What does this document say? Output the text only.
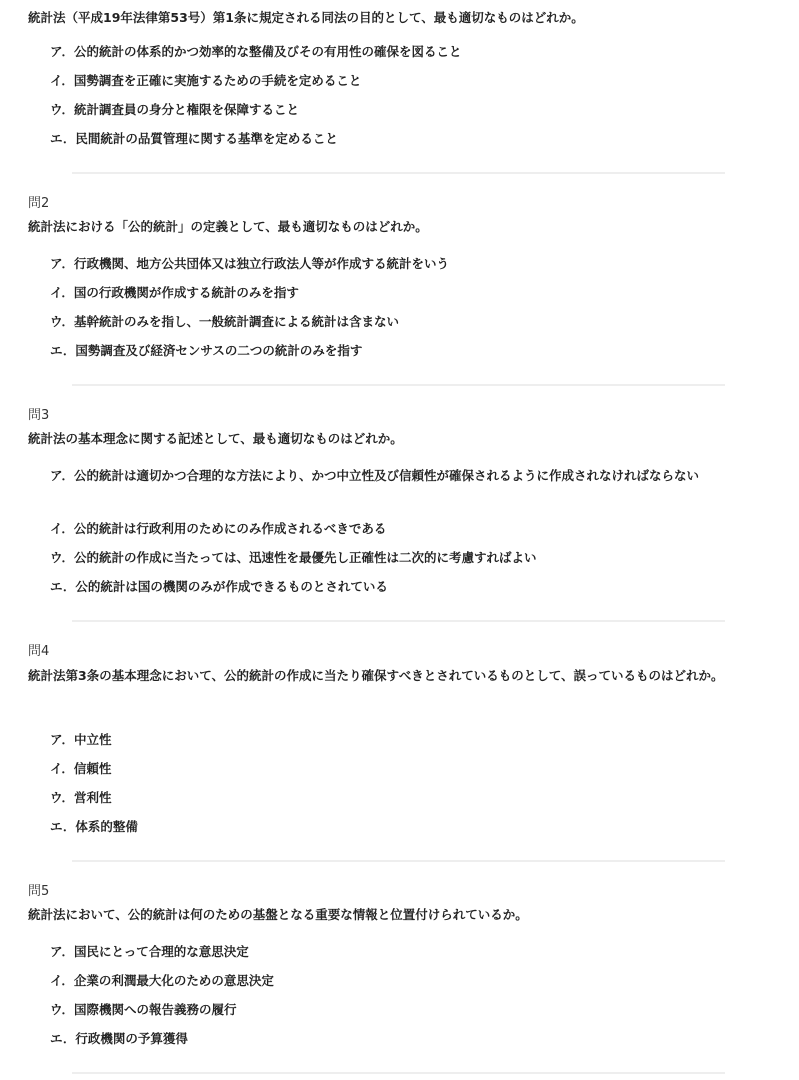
統計法（平成19年法律第53号）第1条に規定される同法の目的として、最も適切なものはどれか。
ア．公的統計の体系的かつ効率的な整備及びその有用性の確保を図ること
イ．国勢調査を正確に実施するための手続を定めること
ウ．統計調査員の身分と権限を保障すること
エ．民間統計の品質管理に関する基準を定めること
問2
統計法における「公的統計」の定義として、最も適切なものはどれか。
ア．行政機関、地方公共団体又は独立行政法人等が作成する統計をいう
イ．国の行政機関が作成する統計のみを指す
ウ．基幹統計のみを指し、一般統計調査による統計は含まない
エ．国勢調査及び経済センサスの二つの統計のみを指す
問3
統計法の基本理念に関する記述として、最も適切なものはどれか。
ア．公的統計は適切かつ合理的な方法により、かつ中立性及び信頼性が確保されるように作成されなければならない
イ．公的統計は行政利用のためにのみ作成されるべきである
ウ．公的統計の作成に当たっては、迅速性を最優先し正確性は二次的に考慮すればよい
エ．公的統計は国の機関のみが作成できるものとされている
問4
統計法第3条の基本理念において、公的統計の作成に当たり確保すべきとされているものとして、誤っているものはどれか。
ア．中立性
イ．信頼性
ウ．営利性
エ．体系的整備
問5
統計法において、公的統計は何のための基盤となる重要な情報と位置付けられているか。
ア．国民にとって合理的な意思決定
イ．企業の利潤最大化のための意思決定
ウ．国際機関への報告義務の履行
エ．行政機関の予算獲得
